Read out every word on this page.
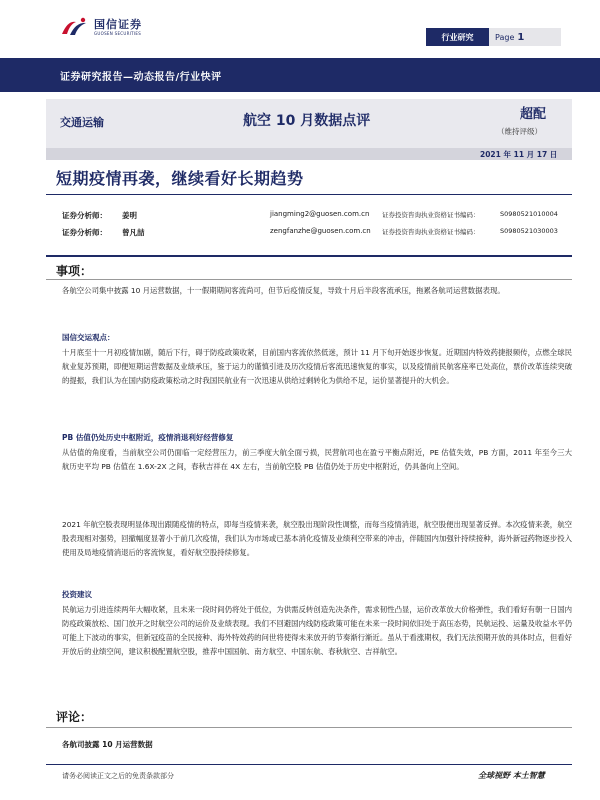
国信证券
GUOSEN SECURITIES	行业研究	Page 1
证券研究报告—动态报告/行业快评
交通运输	航空 10 月数据点评	超配
（维持评级）
2021 年 11 月 17 日
短期疫情再袭，继续看好长期趋势
证券分析师： 姜明	jiangming2@guosen.com.cn 证券投资咨询执业资格证书编码：	S0980521010004
证券分析师： 曾凡喆	zengfanzhe@guosen.com.cn 证券投资咨询执业资格证书编码：	S0980521030003
事项：
各航空公司集中披露 10 月运营数据，十一假期期间客流尚可，但节后疫情反复，导致十月后半段客流承压，拖累各航司运营数据表现。
国信交运观点：
十月底至十一月初疫情加剧，随后下行，碍于防疫政策收紧，目前国内客流依然低迷，预计 11 月下旬开始逐步恢复。近期国内特效药捷报频传，点燃全球民航业复苏预期，即便短期运营数据及业绩承压，鉴于运力的谨慎引进及历次疫情后客流迅速恢复的事实，以及疫情前民航客座率已处高位，票价改革连续突破的提振，我们认为在国内防疫政策松动之时我国民航业有一次迅速从供给过剩转化为供给不足，运价显著提升的大机会。
PB 估值仍处历史中枢附近，疫情消退利好经营修复
从估值的角度看，当前航空公司仍面临一定经营压力，前三季度大航全面亏损，民营航司也在盈亏平衡点附近，PE 估值失效，PB 方面，2011 年至今三大航历史平均 PB 估值在 1.6X-2X 之间，春秋吉祥在 4X 左右，当前航空股 PB 估值仍处于历史中枢附近，仍具备向上空间。
2021 年航空股表现明显体现出跟随疫情的特点，即每当疫情来袭，航空股出现阶段性调整，而每当疫情消退，航空股便出现显著反弹。本次疫情来袭，航空股表现相对强势，回撤幅度显著小于前几次疫情，我们认为市场或已基本消化疫情及业绩利空带来的冲击，伴随国内加强针持续接种，海外新冠药物逐步投入使用及局地疫情消退后的客流恢复，看好航空股持续修复。
投资建议
民航运力引进连续两年大幅收紧，且未来一段时间仍将处于低位，为供需反转创造先决条件，需求韧性凸显，运价改革放大价格弹性，我们看好有朝一日国内防疫政策放松、国门放开之时航空公司的运价及业绩表现。我们不回避国内线防疫政策可能在未来一段时间依旧处于高压态势，民航运投、运量及收益水平仍可能上下波动的事实，但新冠疫苗的全民接种、海外特效药的问世将使得未来放开的节奏渐行渐近。虽从于看涨期权，我们无法预期开放的具体时点，但看好开放后的业绩空间，建议积极配置航空股，推荐中国国航、南方航空、中国东航、春秋航空、吉祥航空。
评论：
各航司披露 10 月运营数据
请务必阅读正文之后的免责条款部分	全球视野 本土智慧
